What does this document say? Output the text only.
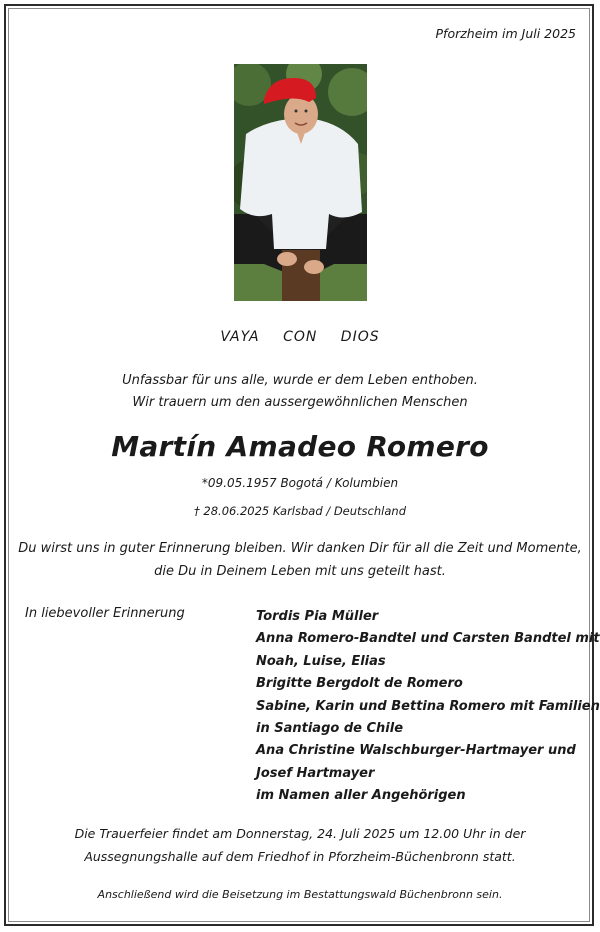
Pforzheim im Juli 2025
VAYA CON DIOS
Unfassbar für uns alle, wurde er dem Leben enthoben.
Wir trauern um den aussergewöhnlichen Menschen
Martín Amadeo Romero
*09.05.1957 Bogotá / Kolumbien
† 28.06.2025 Karlsbad / Deutschland
Du wirst uns in guter Erinnerung bleiben. Wir danken Dir für all die Zeit und Momente,
die Du in Deinem Leben mit uns geteilt hast.
In liebevoller Erinnerung	Tordis Pia Müller
Anna Romero-Bandtel und Carsten Bandtel mit
Noah, Luise, Elias
Brigitte Bergdolt de Romero
Sabine, Karin und Bettina Romero mit Familien
in Santiago de Chile
Ana Christine Walschburger-Hartmayer und
Josef Hartmayer
im Namen aller Angehörigen
Die Trauerfeier findet am Donnerstag, 24. Juli 2025 um 12.00 Uhr in der
Aussegnungshalle auf dem Friedhof in Pforzheim-Büchenbronn statt.
Anschließend wird die Beisetzung im Bestattungswald Büchenbronn sein.
